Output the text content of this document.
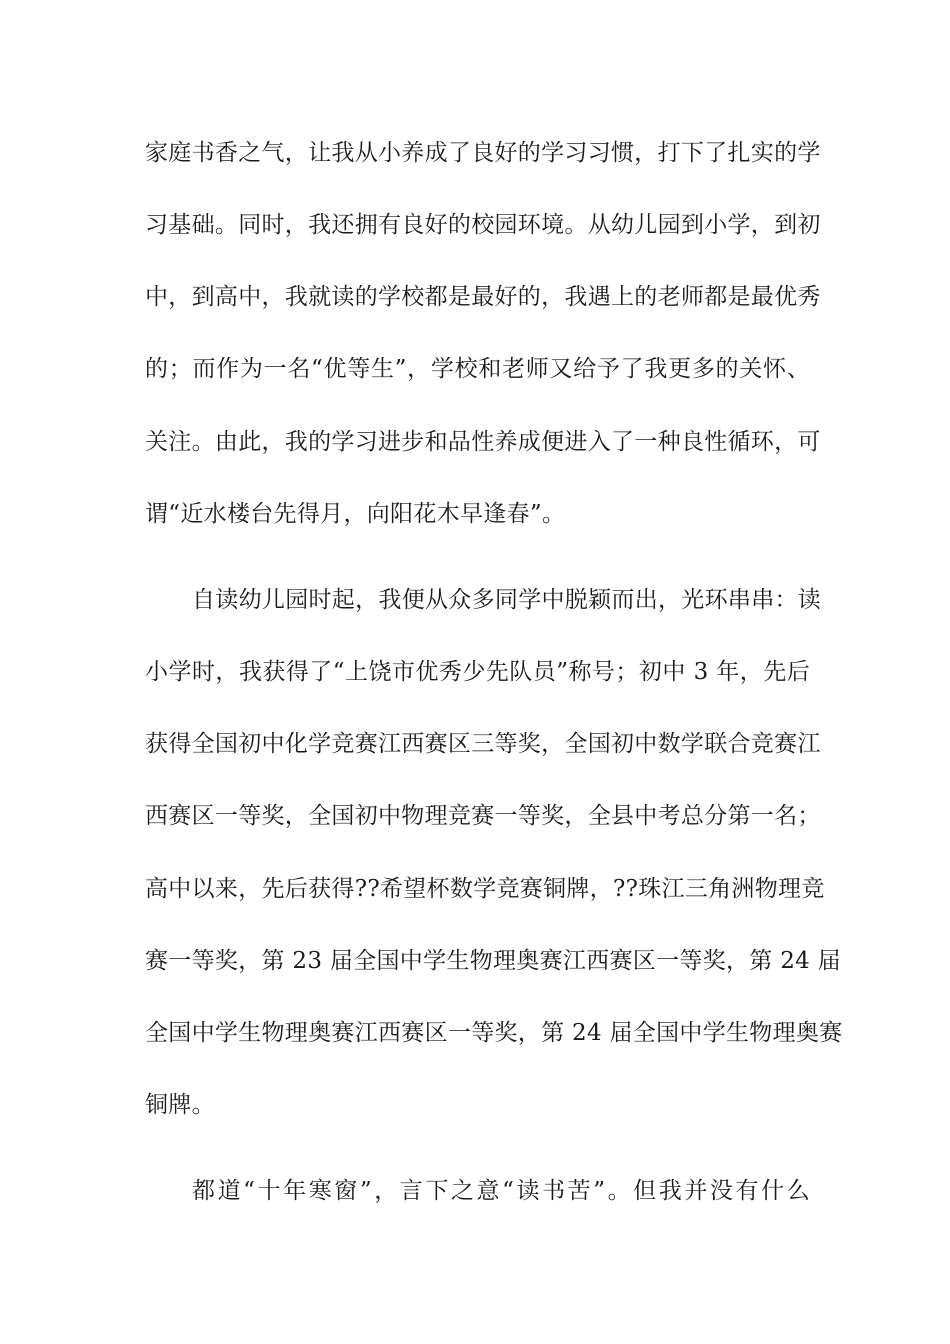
家庭书香之气，让我从小养成了良好的学习习惯，打下了扎实的学
习基础。同时，我还拥有良好的校园环境。从幼儿园到小学，到初
中，到高中，我就读的学校都是最好的，我遇上的老师都是最优秀
的；而作为一名“优等生”，学校和老师又给予了我更多的关怀、
关注。由此，我的学习进步和品性养成便进入了一种良性循环，可
谓“近水楼台先得月，向阳花木早逢春”。
自读幼儿园时起，我便从众多同学中脱颖而出，光环串串：读
小学时，我获得了“上饶市优秀少先队员”称号；初中 3 年，先后
获得全国初中化学竞赛江西赛区三等奖，全国初中数学联合竞赛江
西赛区一等奖，全国初中物理竞赛一等奖，全县中考总分第一名；
高中以来，先后获得??希望杯数学竞赛铜牌，??珠江三角洲物理竞
赛一等奖，第 23 届全国中学生物理奥赛江西赛区一等奖，第 24 届
全国中学生物理奥赛江西赛区一等奖，第 24 届全国中学生物理奥赛
铜牌。
都道“十年寒窗”，言下之意“读书苦”。但我并没有什么
